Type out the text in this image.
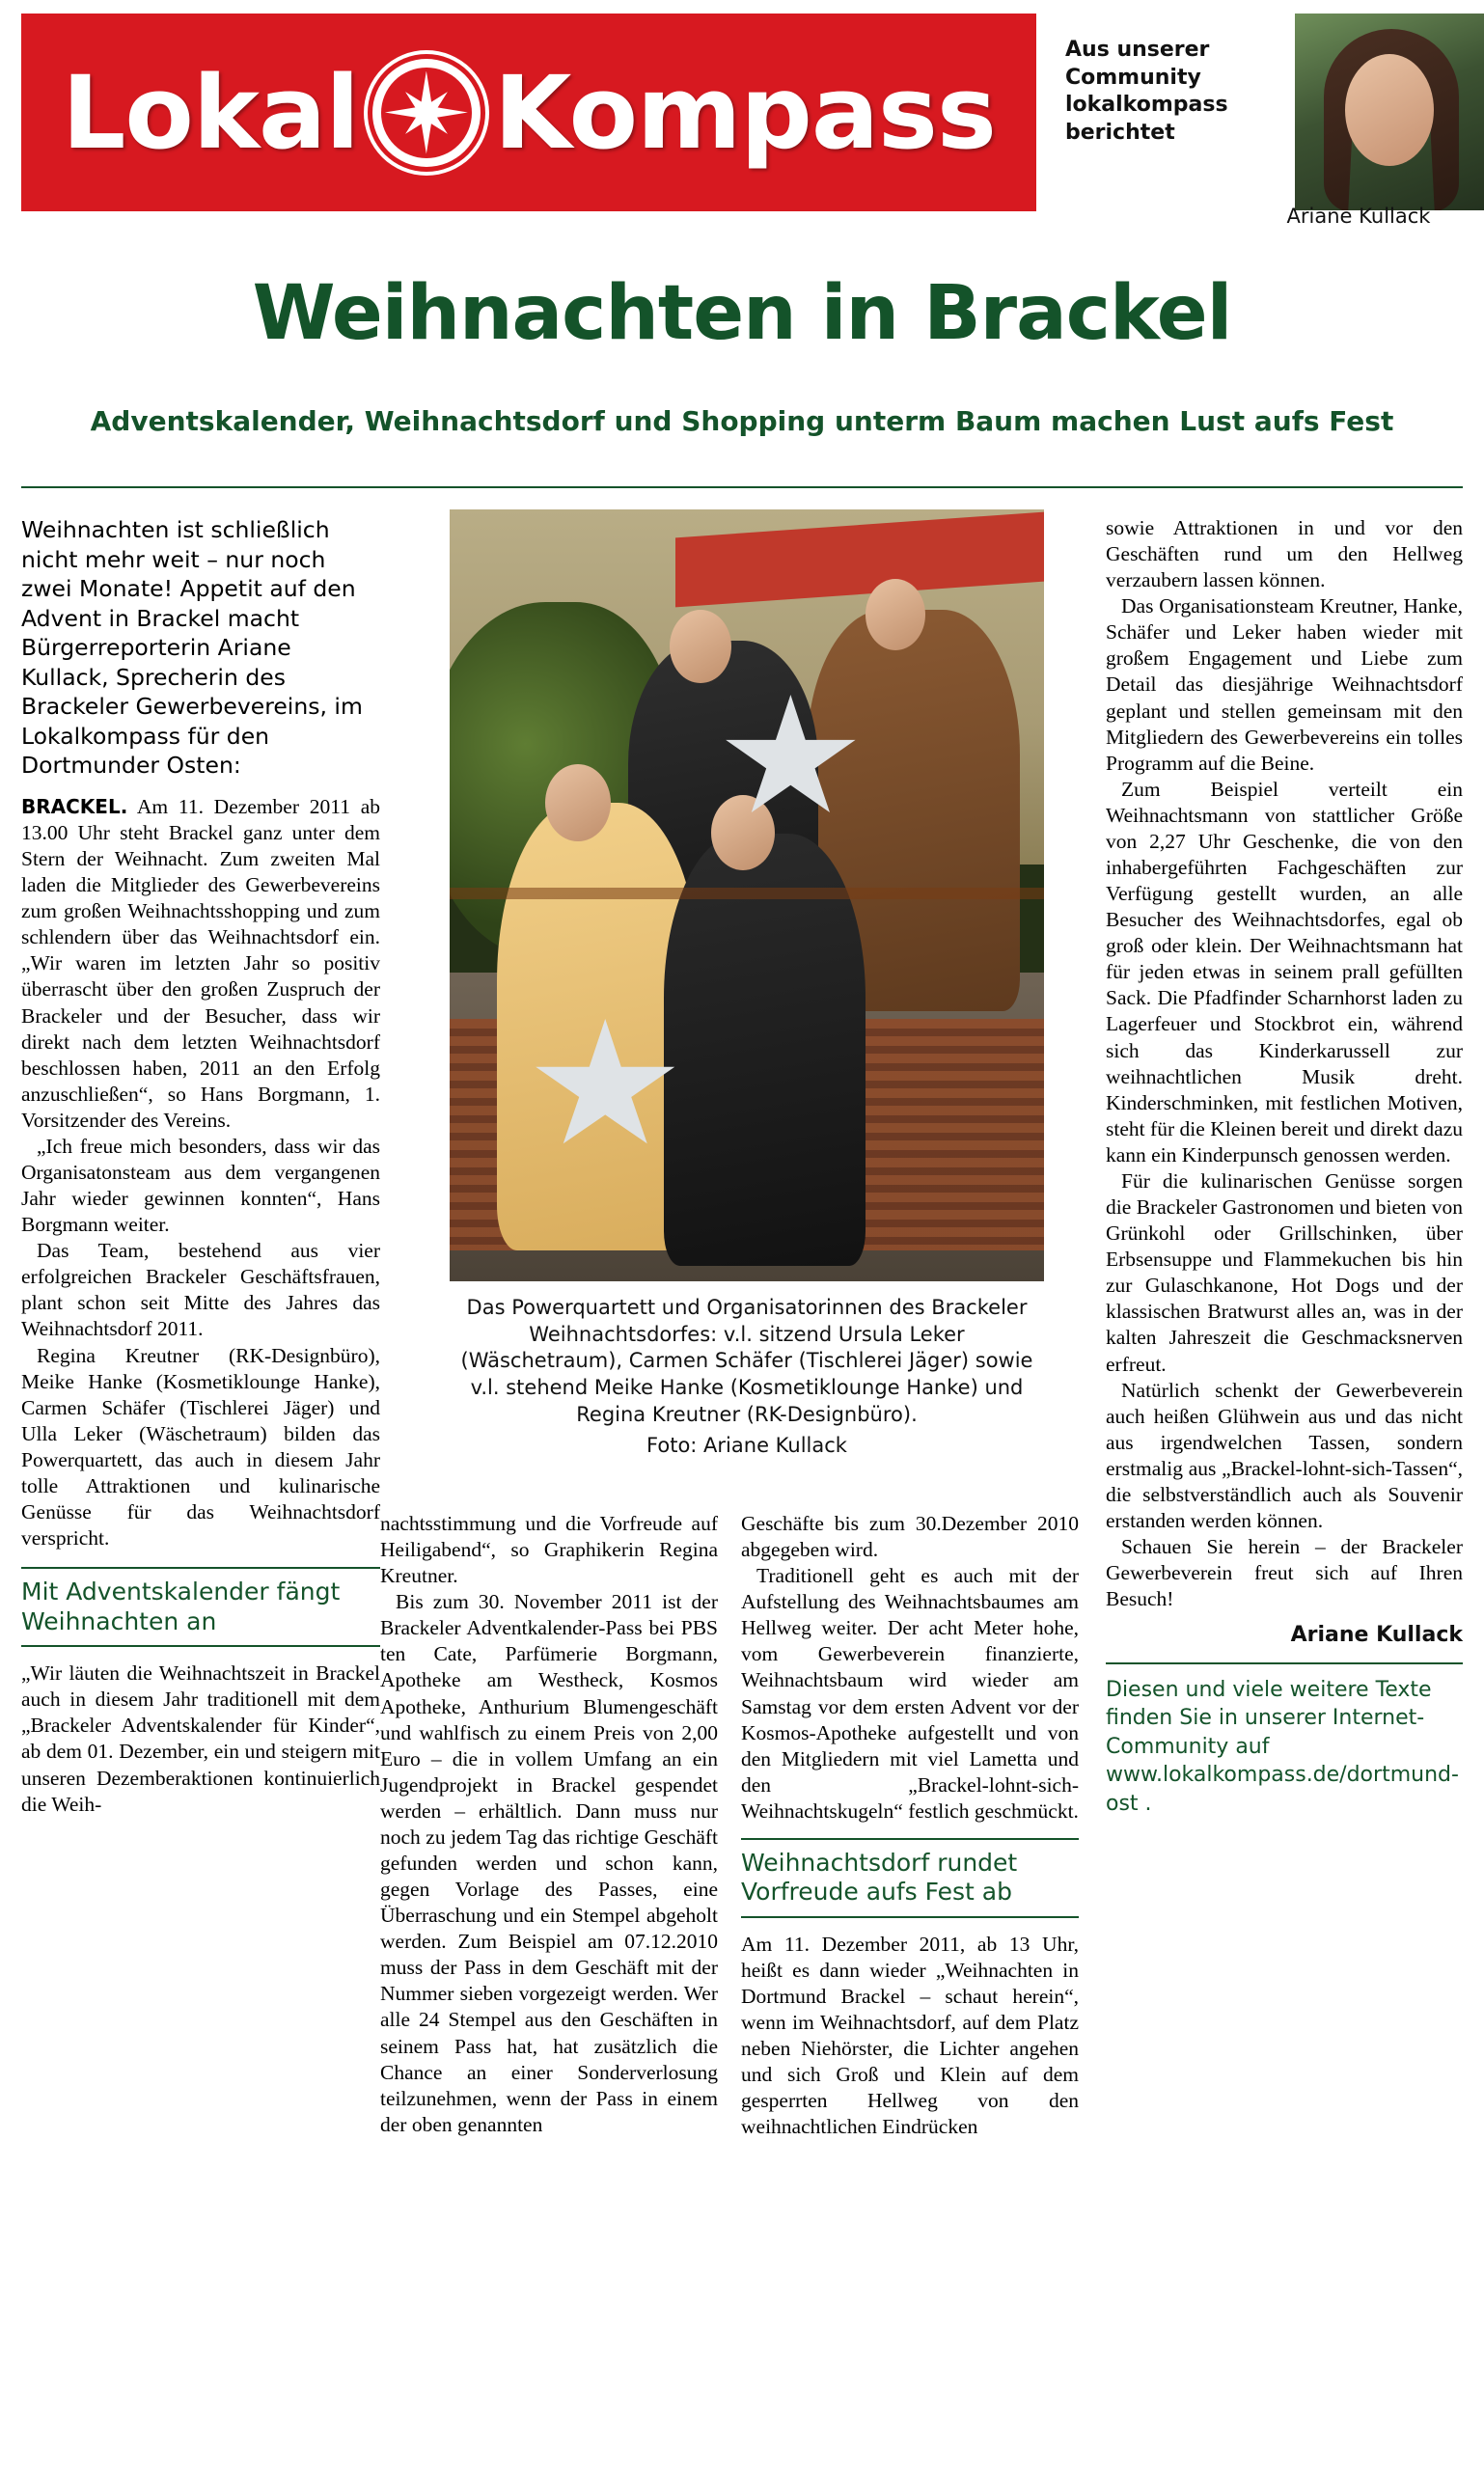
Lokal Kompass
Aus unserer Community lokalkompass berichtet
Ariane Kullack
Weihnachten in Brackel
Adventskalender, Weihnachtsdorf und Shopping unterm Baum machen Lust aufs Fest
Weihnachten ist schließlich nicht mehr weit – nur noch zwei Monate! Appetit auf den Advent in Brackel macht Bürgerreporterin Ariane Kullack, Sprecherin des Brackeler Gewerbevereins, im Lokalkompass für den Dortmunder Osten:

BRACKEL. Am 11. Dezember 2011 ab 13.00 Uhr steht Brackel ganz unter dem Stern der Weihnacht. Zum zweiten Mal laden die Mitglieder des Gewerbevereins zum großen Weihnachtsshopping und zum schlendern über das Weihnachtsdorf ein. „Wir waren im letzten Jahr so positiv überrascht über den großen Zuspruch der Brackeler und der Besucher, dass wir direkt nach dem letzten Weihnachtsdorf beschlossen haben, 2011 an den Erfolg anzuschließen“, so Hans Borgmann, 1. Vorsitzender des Vereins.

„Ich freue mich besonders, dass wir das Organisatonsteam aus dem vergangenen Jahr wieder gewinnen konnten“, Hans Borgmann weiter.

Das Team, bestehend aus vier erfolgreichen Brackeler Geschäftsfrauen, plant schon seit Mitte des Jahres das Weihnachtsdorf 2011.

Regina Kreutner (RK-Designbüro), Meike Hanke (Kosmetiklounge Hanke), Carmen Schäfer (Tischlerei Jäger) und Ulla Leker (Wäschetraum) bilden das Powerquartett, das auch in diesem Jahr tolle Attraktionen und kulinarische Genüsse für das Weihnachtsdorf verspricht.

Mit Adventskalender fängt Weihnachten an

„Wir läuten die Weihnachtszeit in Brackel auch in diesem Jahr traditionell mit dem „Brackeler Adventskalender für Kinder“, ab dem 01. Dezember, ein und steigern mit unseren Dezemberaktionen kontinuierlich die Weih-

Das Powerquartett und Organisatorinnen des Brackeler Weihnachtsdorfes: v.l. sitzend Ursula Leker (Wäschetraum), Carmen Schäfer (Tischlerei Jäger) sowie v.l. stehend Meike Hanke (Kosmetiklounge Hanke) und Regina Kreutner (RK-Designbüro).
Foto: Ariane Kullack

nachtsstimmung und die Vorfreude auf Heiligabend“, so Graphikerin Regina Kreutner.

Bis zum 30. November 2011 ist der Brackeler Adventkalender-Pass bei PBS ten Cate, Parfümerie Borgmann, Apotheke am Westheck, Kosmos Apotheke, Anthurium Blumengeschäft und wahlfisch zu einem Preis von 2,00 Euro – die in vollem Umfang an ein Jugendprojekt in Brackel gespendet werden – erhältlich. Dann muss nur noch zu jedem Tag das richtige Geschäft gefunden werden und schon kann, gegen Vorlage des Passes, eine Überraschung und ein Stempel abgeholt werden. Zum Beispiel am 07.12.2010 muss der Pass in dem Geschäft mit der Nummer sieben vorgezeigt werden. Wer alle 24 Stempel aus den Geschäften in seinem Pass hat, hat zusätzlich die Chance an einer Sonderverlosung teilzunehmen, wenn der Pass in einem der oben genannten

Geschäfte bis zum 30.Dezember 2010 abgegeben wird.

Traditionell geht es auch mit der Aufstellung des Weihnachtsbaumes am Hellweg weiter. Der acht Meter hohe, vom Gewerbeverein finanzierte, Weihnachtsbaum wird wieder am Samstag vor dem ersten Advent vor der Kosmos-Apotheke aufgestellt und von den Mitgliedern mit viel Lametta und den „Brackel-lohnt-sich-Weihnachtskugeln“ festlich geschmückt.

Weihnachtsdorf rundet Vorfreude aufs Fest ab

Am 11. Dezember 2011, ab 13 Uhr, heißt es dann wieder „Weihnachten in Dortmund Brackel – schaut herein“, wenn im Weihnachtsdorf, auf dem Platz neben Niehörster, die Lichter angehen und sich Groß und Klein auf dem gesperrten Hellweg von den weihnachtlichen Eindrücken

sowie Attraktionen in und vor den Geschäften rund um den Hellweg verzaubern lassen können.

Das Organisationsteam Kreutner, Hanke, Schäfer und Leker haben wieder mit großem Engagement und Liebe zum Detail das diesjährige Weihnachtsdorf geplant und stellen gemeinsam mit den Mitgliedern des Gewerbevereins ein tolles Programm auf die Beine.

Zum Beispiel verteilt ein Weihnachtsmann von stattlicher Größe von 2,27 Uhr Geschenke, die von den inhabergeführten Fachgeschäften zur Verfügung gestellt wurden, an alle Besucher des Weihnachtsdorfes, egal ob groß oder klein. Der Weihnachtsmann hat für jeden etwas in seinem prall gefüllten Sack. Die Pfadfinder Scharnhorst laden zu Lagerfeuer und Stockbrot ein, während sich das Kinderkarussell zur weihnachtlichen Musik dreht. Kinderschminken, mit festlichen Motiven, steht für die Kleinen bereit und direkt dazu kann ein Kinderpunsch genossen werden.

Für die kulinarischen Genüsse sorgen die Brackeler Gastronomen und bieten von Grünkohl oder Grillschinken, über Erbsensuppe und Flammekuchen bis hin zur Gulaschkanone, Hot Dogs und der klassischen Bratwurst alles an, was in der kalten Jahreszeit die Geschmacksnerven erfreut.

Natürlich schenkt der Gewerbeverein auch heißen Glühwein aus und das nicht aus irgendwelchen Tassen, sondern erstmalig aus „Brackel-lohnt-sich-Tassen“, die selbstverständlich auch als Souvenir erstanden werden können.

Schauen Sie herein – der Brackeler Gewerbeverein freut sich auf Ihren Besuch!

Ariane Kullack
Diesen und viele weitere Texte finden Sie in unserer Internet-Community auf www.lokalkompass.de/dortmund-ost .
